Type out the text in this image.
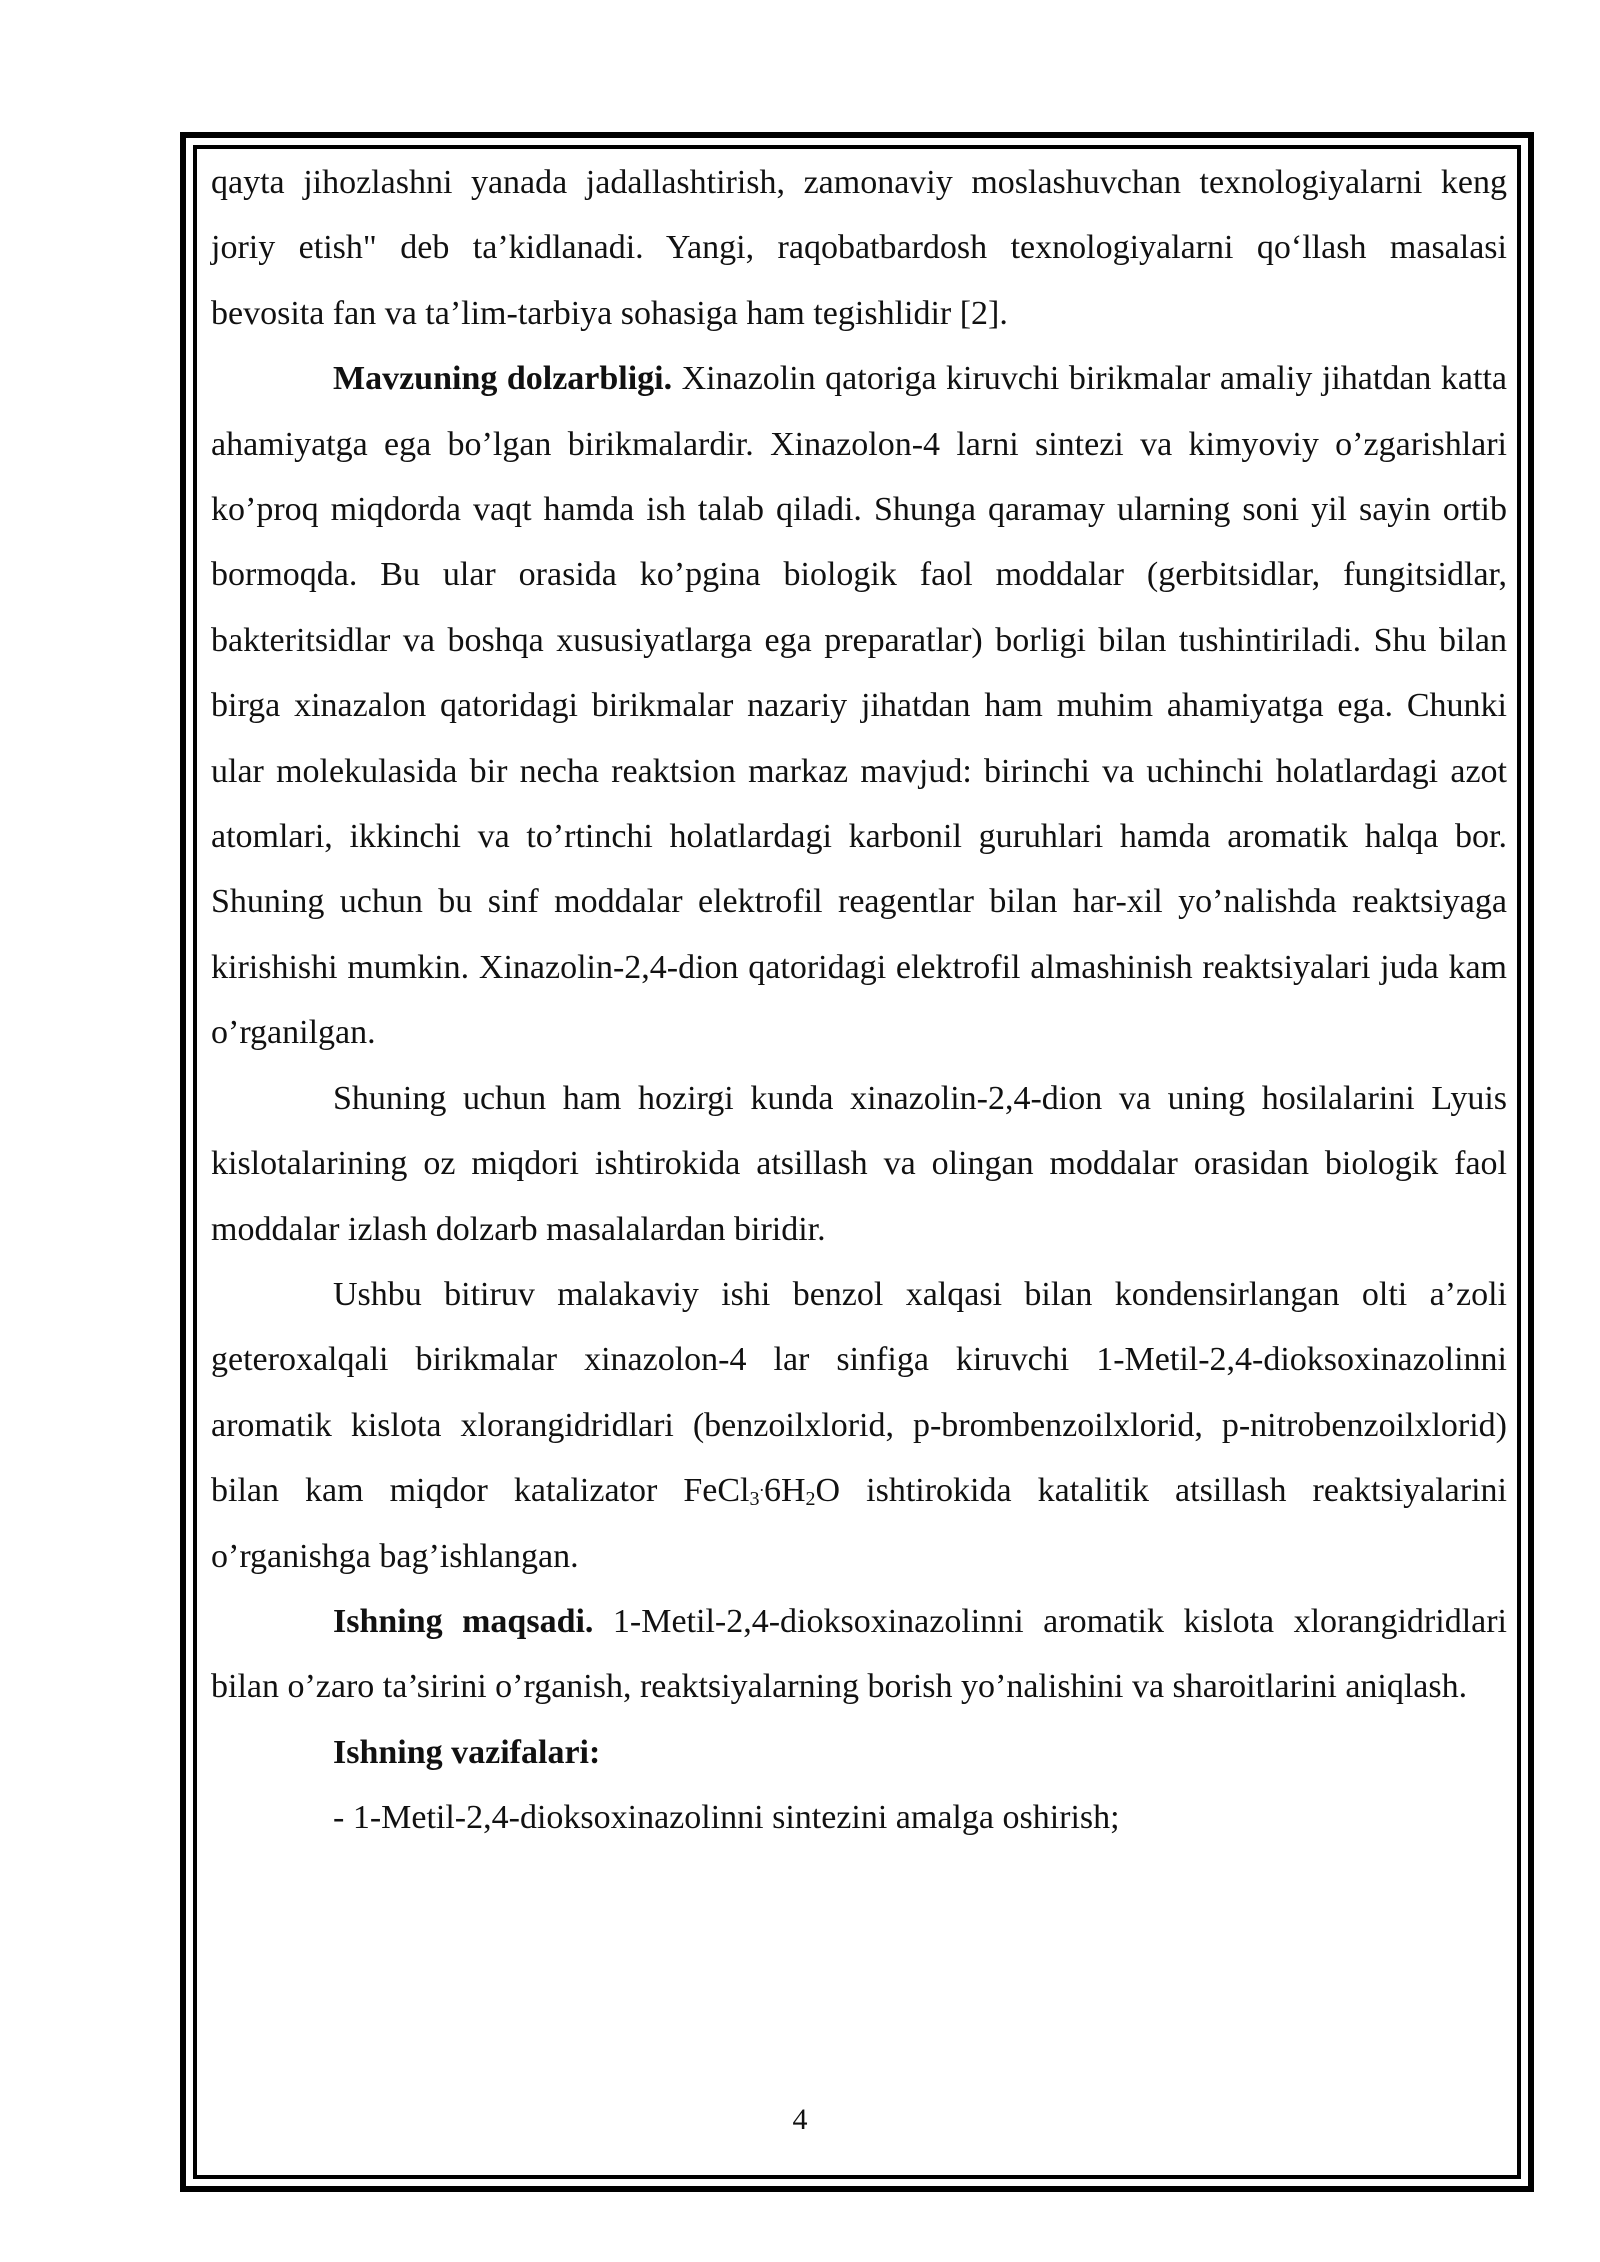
qayta jihozlashni yanada jadallashtirish, zamonaviy moslashuvchan texnologiyalarni keng joriy etish" deb ta’kidlanadi. Yangi, raqobatbardosh texnologiyalarni qo‘llash masalasi bevosita fan va ta’lim-tarbiya sohasiga ham tegishlidir [2].

Mavzuning dolzarbligi. Xinazolin qatoriga kiruvchi birikmalar amaliy jihatdan katta ahamiyatga ega bo’lgan birikmalardir. Xinazolon-4 larni sintezi va kimyoviy o’zgarishlari ko’proq miqdorda vaqt hamda ish talab qiladi. Shunga qaramay ularning soni yil sayin ortib bormoqda. Bu ular orasida ko’pgina biologik faol moddalar (gerbitsidlar, fungitsidlar, bakteritsidlar va boshqa xususiyatlarga ega preparatlar) borligi bilan tushintiriladi. Shu bilan birga xinazalon qatoridagi birikmalar nazariy jihatdan ham muhim ahamiyatga ega. Chunki ular molekulasida bir necha reaktsion markaz mavjud: birinchi va uchinchi holatlardagi azot atomlari, ikkinchi va to’rtinchi holatlardagi karbonil guruhlari hamda aromatik halqa bor. Shuning uchun bu sinf moddalar elektrofil reagentlar bilan har-xil yo’nalishda reaktsiyaga kirishishi mumkin. Xinazolin-2,4-dion qatoridagi elektrofil almashinish reaktsiyalari juda kam o’rganilgan.

Shuning uchun ham hozirgi kunda xinazolin-2,4-dion va uning hosilalarini Lyuis kislotalarining oz miqdori ishtirokida atsillash va olingan moddalar orasidan biologik faol moddalar izlash dolzarb masalalardan biridir.

Ushbu bitiruv malakaviy ishi benzol xalqasi bilan kondensirlangan olti a’zoli geteroxalqali birikmalar xinazolon-4 lar sinfiga kiruvchi 1-Metil-2,4-dioksoxinazolinni aromatik kislota xlorangidridlari (benzoilxlorid, p-brombenzoilxlorid, p-nitrobenzoilxlorid) bilan kam miqdor katalizator $FeCl_3^.6H_2O$ ishtirokida katalitik atsillash reaktsiyalarini o’rganishga bag’ishlangan.

Ishning maqsadi. 1-Metil-2,4-dioksoxinazolinni aromatik kislota xlorangidridlari bilan o’zaro ta’sirini o’rganish, reaktsiyalarning borish yo’nalishini va sharoitlarini aniqlash.

Ishning vazifalari:

- 1-Metil-2,4-dioksoxinazolinni sintezini amalga oshirish;

4
